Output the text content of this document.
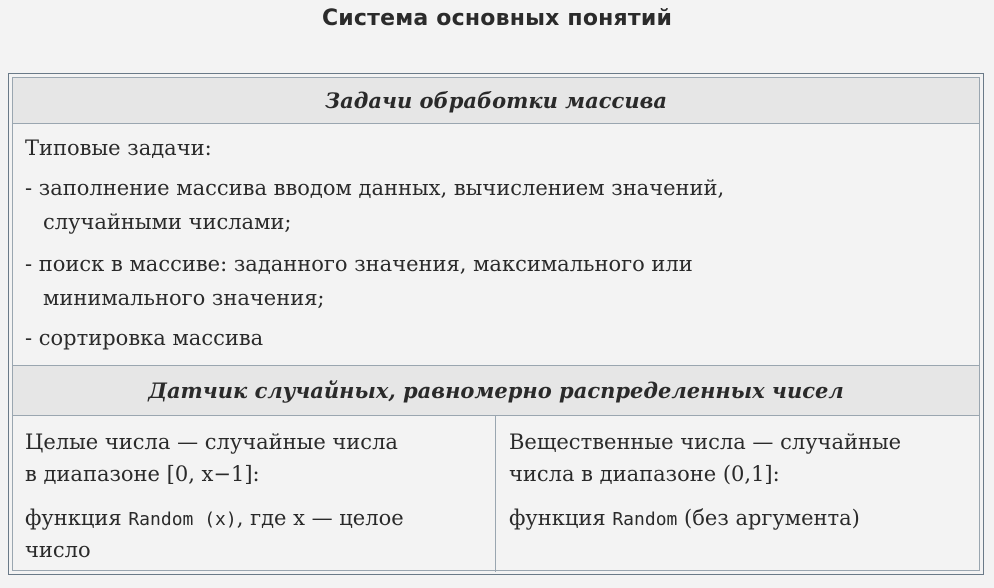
Система основных понятий
Задачи обработки массива
Типовые задачи:
- заполнение массива вводом данных, вычислением значений,
случайными числами;
- поиск в массиве: заданного значения, максимального или
минимального значения;
- сортировка массива
Датчик случайных, равномерно распределенных чисел
Целые числа — случайные числа
в диапазоне [0, x−1]:
функция Random (x), где x — целое
число
Вещественные числа — случайные
числа в диапазоне (0,1]:
функция Random (без аргумента)
